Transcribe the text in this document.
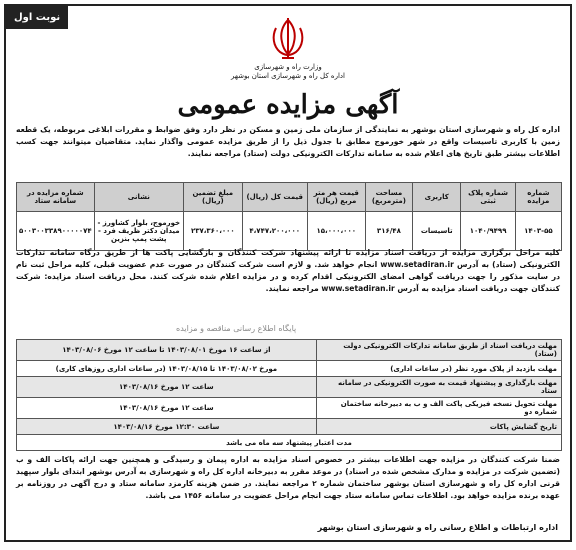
نوبت اول
وزارت راه و شهرسازی
اداره کل راه و شهرسازی استان بوشهر
آگهی مزایده عمومی
اداره کل راه و شهرسازی استان بوشهر به نمایندگی از سازمان ملی زمین و مسکن در نظر دارد وفق ضوابط و مقررات ابلاغی مربوطه، یک قطعه زمین با کاربری تاسیسات واقع در شهر خورموج مطابق با جدول ذیل را از طریق مزایده عمومی واگذار نماید. متقاضیان میتوانند جهت کسب اطلاعات بیشتر طبق تاریخ های اعلام شده به سامانه تدارکات الکترونیکی دولت (ستاد) مراجعه نمایند.
شماره مزایده	شماره پلاک ثبتی	کاربری	مساحت (مترمربع)	قیمت هر متر مربع (ریال)	قیمت کل (ریال)	مبلغ تضمین (ریال)	نشانی	شماره مزایده در سامانه ستاد
۱۴۰۳-۵۵	۱۰۴۰/۹۴۹۹	تاسیسات	۳۱۶/۴۸	۱۵،۰۰۰،۰۰۰	۴،۷۴۷،۲۰۰،۰۰۰	۲۳۷،۳۶۰،۰۰۰	خورموج، بلوار کشاورز - میدان دکتر ظریف فرد - پشت پمپ بنزین	۵۰۰۳۰۰۳۳۸۹۰۰۰۰۰۷۴
کلیه مراحل برگزاری مزایده از دریافت اسناد مزایده تا ارائه پیشنهاد شرکت کنندگان و بازگشایی پاکت ها از طریق درگاه سامانه تدارکات الکترونیکی (ستاد) به آدرس www.setadiran.ir انجام خواهد شد. و لازم است شرکت کنندگان در صورت عدم عضویت قبلی، کلیه مراحل ثبت نام در سایت مذکور را جهت دریافت گواهی امضای الکترونیکی اقدام کرده و در مزایده اعلام شده شرکت کنند. محل دریافت اسناد مزایده: شرکت کنندگان جهت دریافت اسناد مزایده به آدرس www.setadiran.ir مراجعه نمایند.
پایگاه اطلاع رسانی مناقصه و مزایده
مهلت دریافت اسناد از طریق سامانه تدارکات الکترونیکی دولت (ستاد)	از ساعت ۱۶ مورخ ۱۴۰۳/۰۸/۰۱ تا ساعت ۱۲ مورخ ۱۴۰۳/۰۸/۰۶
مهلت بازدید از پلاک مورد نظر (در ساعات اداری)	مورخ ۱۴۰۳/۰۸/۰۲ تا ۱۴۰۳/۰۸/۱۵ (در ساعات اداری روزهای کاری)
مهلت بارگذاری و پیشنهاد قیمت به صورت الکترونیکی در سامانه ستاد	ساعت ۱۲ مورخ ۱۴۰۳/۰۸/۱۶
مهلت تحویل نسخه فیزیکی پاکت الف و ب به دبیرخانه ساختمان شماره دو	ساعت ۱۲ مورخ ۱۴۰۳/۰۸/۱۶
تاریخ گشایش پاکات	ساعت ۱۲:۳۰ مورخ ۱۴۰۳/۰۸/۱۶
مدت اعتبار پیشنهاد سه ماه می باشد	
ضمنا شرکت کنندگان در مزایده جهت اطلاعات بیشتر در خصوص اسناد مزایده به اداره پیمان و رسیدگی و همچنین جهت ارائه پاکات الف و ب (تضمین شرکت در مزایده و مدارک مشخص شده در اسناد) در موعد مقرر به دبیرخانه اداره کل راه و شهرسازی به آدرس بوشهر ابتدای بلوار سپهبد قرنی اداره کل راه و شهرسازی استان بوشهر ساختمان شماره ۲ مراجعه نمایند. در ضمن هزینه کارمزد سامانه ستاد و درج آگهی در روزنامه بر عهده برنده مزایده خواهد بود. اطلاعات تماس سامانه ستاد جهت انجام مراحل عضویت در سامانه ۱۴۵۶ می باشد.
اداره ارتباطات و اطلاع رسانی راه و شهرسازی استان بوشهر
